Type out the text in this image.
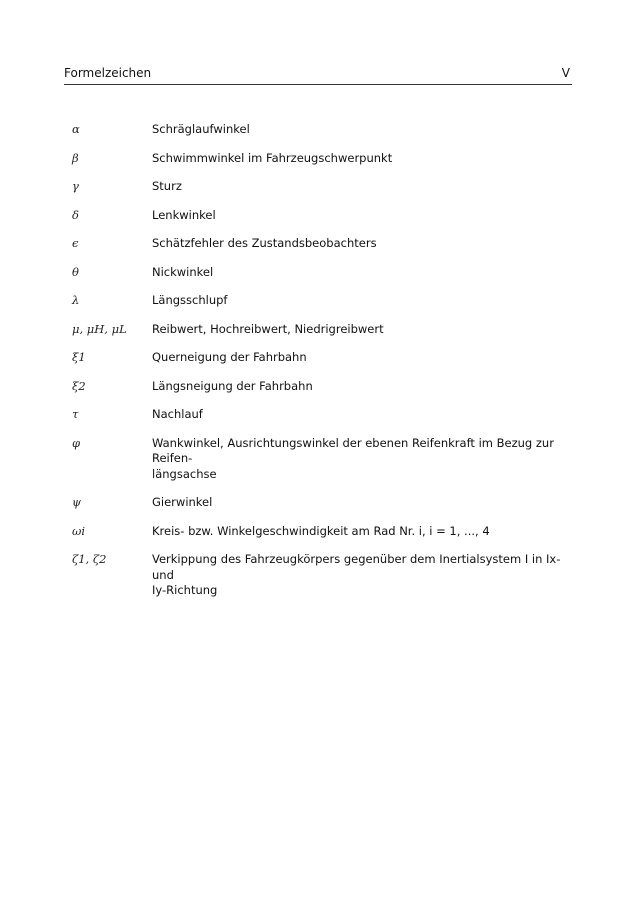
Formelzeichen	V
α	Schräglaufwinkel
β	Schwimmwinkel im Fahrzeugschwerpunkt
γ	Sturz
δ	Lenkwinkel
ϵ	Schätzfehler des Zustandsbeobachters
θ	Nickwinkel
λ	Längsschlupf
μ, μH, μL	Reibwert, Hochreibwert, Niedrigreibwert
ξ1	Querneigung der Fahrbahn
ξ2	Längsneigung der Fahrbahn
τ	Nachlauf
φ	Wankwinkel, Ausrichtungswinkel der ebenen Reifenkraft im Bezug zur Reifen-
längsachse
ψ	Gierwinkel
ωi	Kreis- bzw. Winkelgeschwindigkeit am Rad Nr. i, i = 1, ..., 4
ζ1, ζ2	Verkippung des Fahrzeugkörpers gegenüber dem Inertialsystem I in Ix- und
Iy-Richtung
